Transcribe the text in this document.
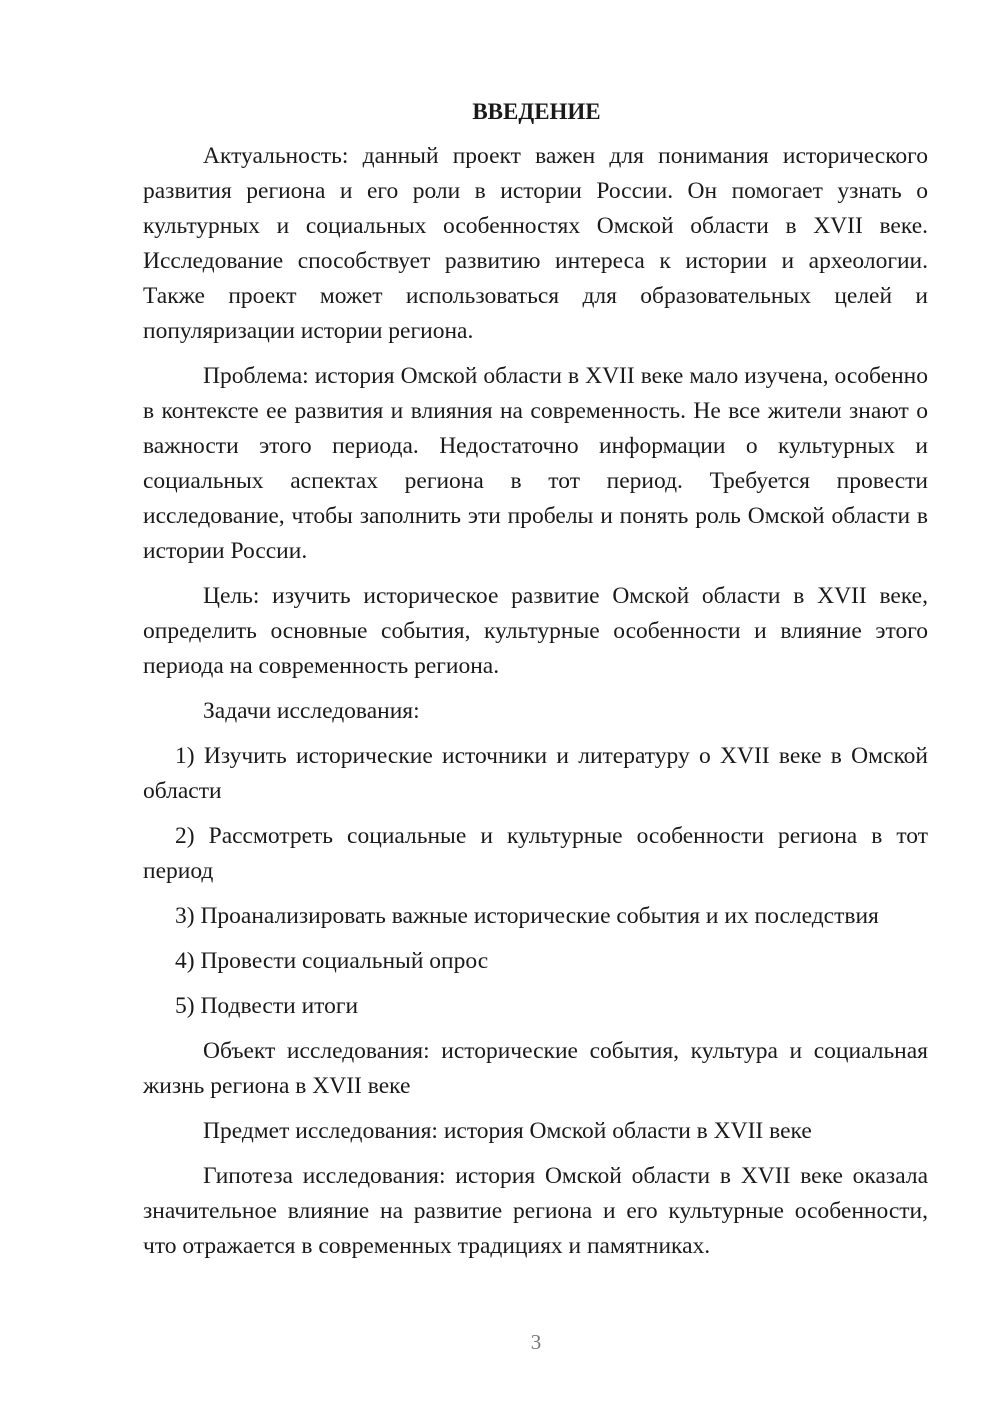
ВВЕДЕНИЕ

Актуальность: данный проект важен для понимания исторического развития региона и его роли в истории России. Он помогает узнать о культурных и социальных особенностях Омской области в XVII веке. Исследование способствует развитию интереса к истории и археологии. Также проект может использоваться для образовательных целей и популяризации истории региона.

Проблема: история Омской области в XVII веке мало изучена, особенно в контексте ее развития и влияния на современность. Не все жители знают о важности этого периода. Недостаточно информации о культурных и социальных аспектах региона в тот период. Требуется провести исследование, чтобы заполнить эти пробелы и понять роль Омской области в истории России.

Цель: изучить историческое развитие Омской области в XVII веке, определить основные события, культурные особенности и влияние этого периода на современность региона.

Задачи исследования:

1) Изучить исторические источники и литературу о XVII веке в Омской области

2) Рассмотреть социальные и культурные особенности региона в тот период

3) Проанализировать важные исторические события и их последствия

4) Провести социальный опрос

5) Подвести итоги

Объект исследования: исторические события, культура и социальная жизнь региона в XVII веке

Предмет исследования: история Омской области в XVII веке

Гипотеза исследования: история Омской области в XVII веке оказала значительное влияние на развитие региона и его культурные особенности, что отражается в современных традициях и памятниках.

3
